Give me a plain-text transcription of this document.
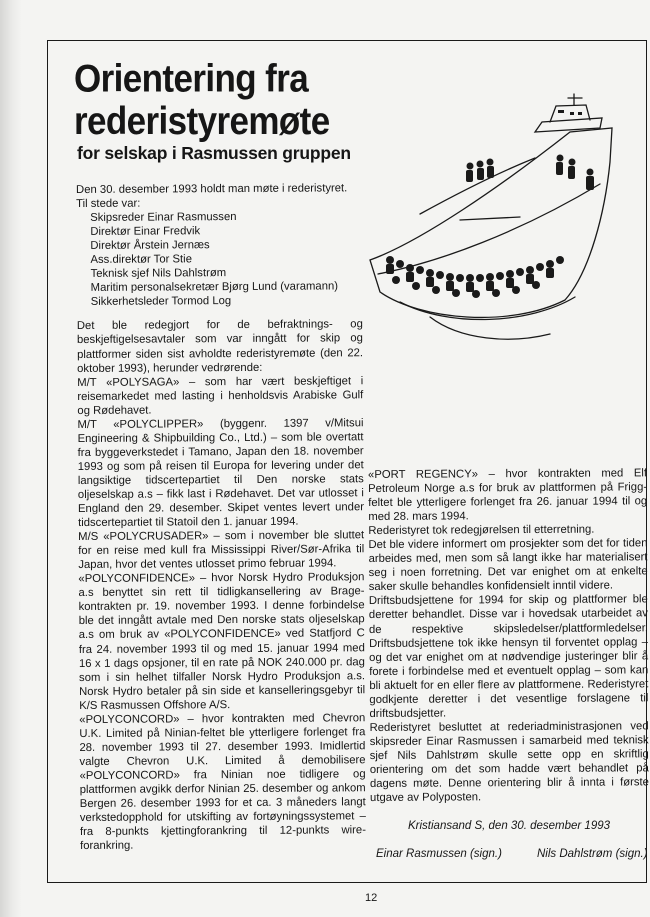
Orientering fra
rederistyremøte
for selskap i Rasmussen gruppen

Den 30. desember 1993 holdt man møte i rederistyret.

Til stede var:

Skipsreder Einar Rasmussen

Direktør Einar Fredvik

Direktør Årstein Jernæs

Ass.direktør Tor Stie

Teknisk sjef Nils Dahlstrøm

Maritim personalsekretær Bjørg Lund (varamann)

Sikkerhetsleder Tormod Log

Det ble redegjort for de befraktnings- og beskjeftigelsesavtaler som var inngått for skip og plattformer siden sist avholdte rederistyremøte (den 22. oktober 1993), herunder vedrørende:

M/T «POLYSAGA» – som har vært beskjeftiget i reisemarkedet med lasting i henholdsvis Arabiske Gulf og Rødehavet.

M/T «POLYCLIPPER» (byggenr. 1397 v/Mitsui Engineering & Shipbuilding Co., Ltd.) – som ble overtatt fra byggeverkstedet i Tamano, Japan den 18. november 1993 og som på reisen til Europa for levering under det langsiktige tidscertepartiet til Den norske stats oljeselskap a.s – fikk last i Rødehavet. Det var utlosset i England den 29. desember. Skipet ventes levert under tidscertepartiet til Statoil den 1. januar 1994.

M/S «POLYCRUSADER» – som i november ble sluttet for en reise med kull fra Mississippi River/Sør-Afrika til Japan, hvor det ventes utlosset primo februar 1994.

«POLYCONFIDENCE» – hvor Norsk Hydro Produksjon a.s benyttet sin rett til tidligkansellering av Brage-kontrakten pr. 19. november 1993. I denne forbindelse ble det inngått avtale med Den norske stats oljeselskap a.s om bruk av «POLYCONFIDENCE» ved Statfjord C fra 24. november 1993 til og med 15. januar 1994 med 16 x 1 dags opsjoner, til en rate på NOK 240.000 pr. dag som i sin helhet tilfaller Norsk Hydro Produksjon a.s. Norsk Hydro betaler på sin side et kanselleringsgebyr til K/S Rasmussen Offshore A/S.

«POLYCONCORD» – hvor kontrakten med Chevron U.K. Limited på Ninian-feltet ble ytterligere forlenget fra 28. november 1993 til 27. desember 1993. Imidlertid valgte Chevron U.K. Limited å demobilisere «POLYCONCORD» fra Ninian noe tidligere og plattformen avgikk derfor Ninian 25. desember og ankom Bergen 26. desember 1993 for et ca. 3 måneders langt verkstedopphold for utskifting av fortøyningssystemet – fra 8-punkts kjettingforankring til 12-punkts wire-forankring.

«PORT REGENCY» – hvor kontrakten med Elf Petroleum Norge a.s for bruk av plattformen på Frigg-feltet ble ytterligere forlenget fra 26. januar 1994 til og med 28. mars 1994.

Rederistyret tok redegjørelsen til etterretning.

Det ble videre informert om prosjekter som det for tiden arbeides med, men som så langt ikke har materialisert seg i noen forretning. Det var enighet om at enkelte saker skulle behandles konfidensielt inntil videre.

Driftsbudsjettene for 1994 for skip og plattformer ble deretter behandlet. Disse var i hovedsak utarbeidet av de respektive skipsledelser/plattformledelser. Driftsbudsjettene tok ikke hensyn til forventet opplag – og det var enighet om at nødvendige justeringer blir å forete i forbindelse med et eventuelt opplag – som kan bli aktuelt for en eller flere av plattformene. Rederistyret godkjente deretter i det vesentlige forslagene til driftsbudsjetter.

Rederistyret besluttet at rederiadministrasjonen ved skipsreder Einar Rasmussen i samarbeid med teknisk sjef Nils Dahlstrøm skulle sette opp en skriftlig orientering om det som hadde vært behandlet på dagens møte. Denne orientering blir å innta i første utgave av Polyposten.

Kristiansand S, den 30. desember 1993
Einar Rasmussen (sign.)	Nils Dahlstrøm (sign.)
12
